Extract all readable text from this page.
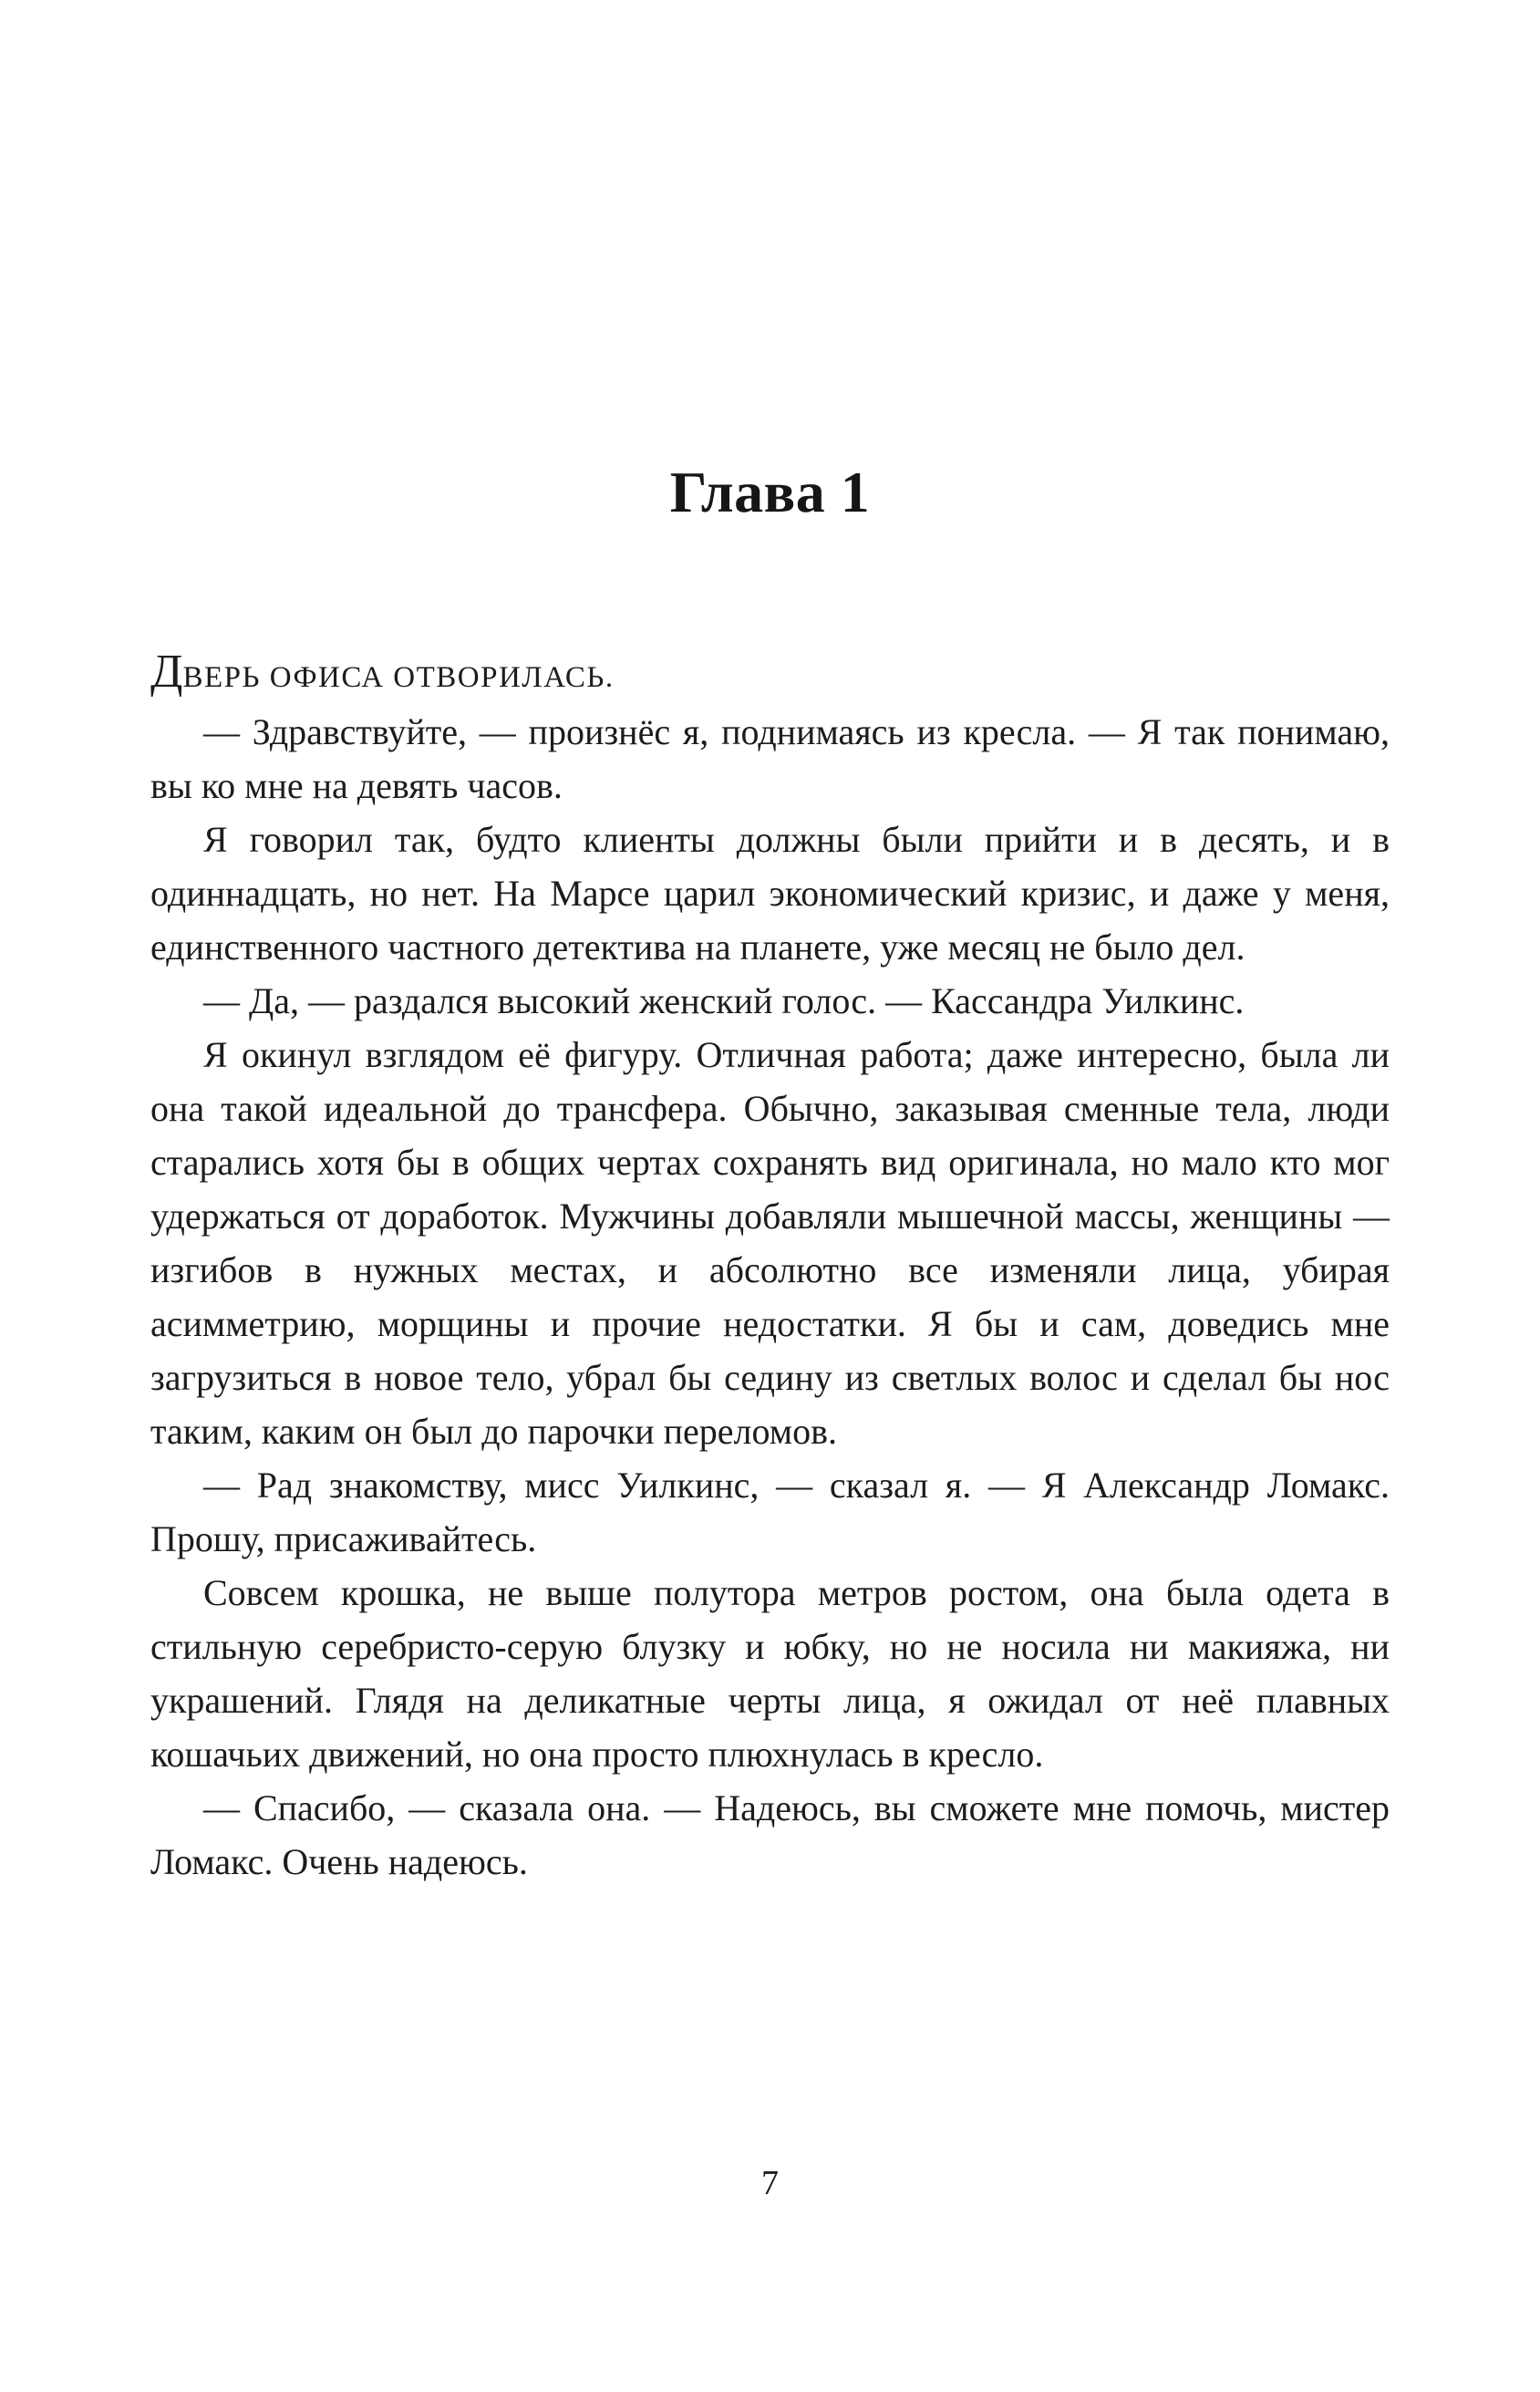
Глава 1

ДВЕРЬ ОФИСА ОТВОРИЛАСЬ.

— Здравствуйте, — произнёс я, поднимаясь из кресла. — Я так понимаю, вы ко мне на девять часов.

Я говорил так, будто клиенты должны были прийти и в десять, и в одиннадцать, но нет. На Марсе царил экономический кризис, и даже у меня, единственного частного детектива на планете, уже месяц не было дел.

— Да, — раздался высокий женский голос. — Кассандра Уилкинс.

Я окинул взглядом её фигуру. Отличная работа; даже интересно, была ли она такой идеальной до трансфера. Обычно, заказывая сменные тела, люди старались хотя бы в общих чертах сохранять вид оригинала, но мало кто мог удержаться от доработок. Мужчины добавляли мышечной массы, женщины — изгибов в нужных местах, и абсолютно все изменяли лица, убирая асимметрию, морщины и прочие недостатки. Я бы и сам, доведись мне загрузиться в новое тело, убрал бы седину из светлых волос и сделал бы нос таким, каким он был до парочки переломов.

— Рад знакомству, мисс Уилкинс, — сказал я. — Я Александр Ломакс. Прошу, присаживайтесь.

Совсем крошка, не выше полутора метров ростом, она была одета в стильную серебристо-серую блузку и юбку, но не носила ни макияжа, ни украшений. Глядя на деликатные черты лица, я ожидал от неё плавных кошачьих движений, но она просто плюхнулась в кресло.

— Спасибо, — сказала она. — Надеюсь, вы сможете мне помочь, мистер Ломакс. Очень надеюсь.

7
